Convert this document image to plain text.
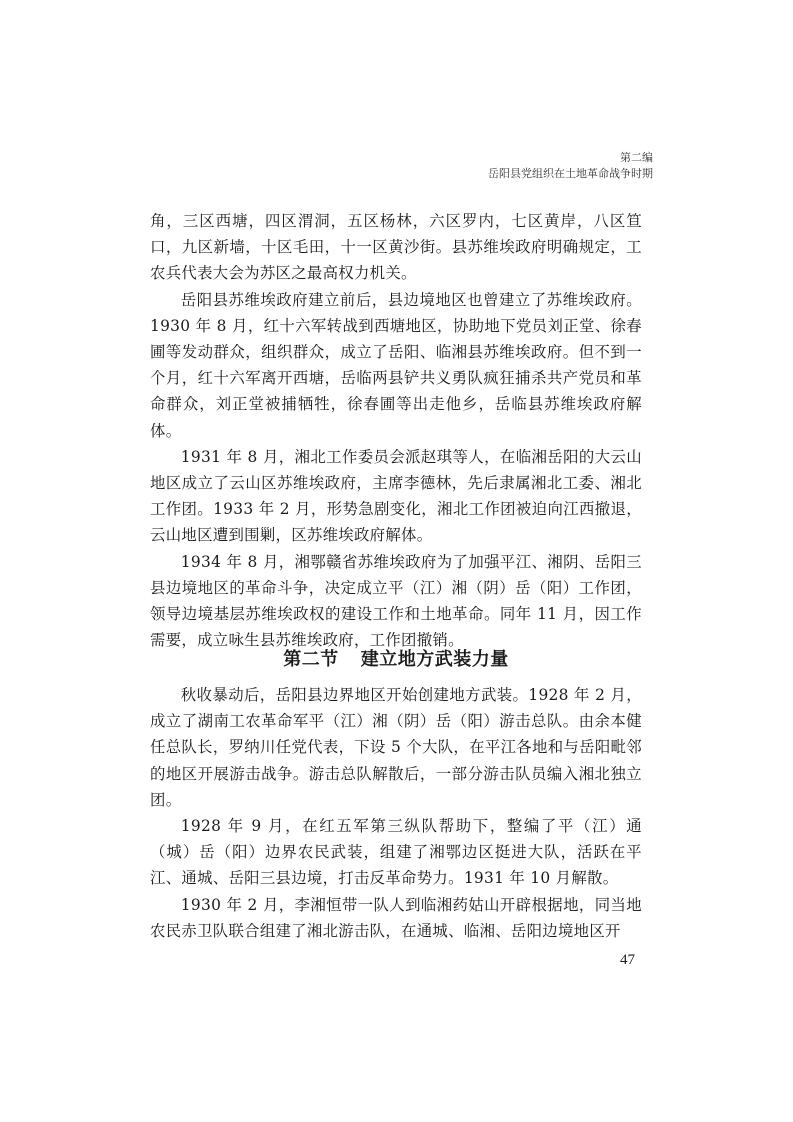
第二编
岳阳县党组织在土地革命战争时期

角，三区西塘，四区渭洞，五区杨林，六区罗内，七区黄岸，八区笪口，九区新墙，十区毛田，十一区黄沙街。县苏维埃政府明确规定，工农兵代表大会为苏区之最高权力机关。

岳阳县苏维埃政府建立前后，县边境地区也曾建立了苏维埃政府。1930 年 8 月，红十六军转战到西塘地区，协助地下党员刘正堂、徐春圃等发动群众，组织群众，成立了岳阳、临湘县苏维埃政府。但不到一个月，红十六军离开西塘，岳临两县铲共义勇队疯狂捕杀共产党员和革命群众，刘正堂被捕牺牲，徐春圃等出走他乡，岳临县苏维埃政府解体。

1931 年 8 月，湘北工作委员会派赵琪等人，在临湘岳阳的大云山地区成立了云山区苏维埃政府，主席李德林，先后隶属湘北工委、湘北工作团。1933 年 2 月，形势急剧变化，湘北工作团被迫向江西撤退，云山地区遭到围剿，区苏维埃政府解体。

1934 年 8 月，湘鄂赣省苏维埃政府为了加强平江、湘阴、岳阳三县边境地区的革命斗争，决定成立平（江）湘（阴）岳（阳）工作团，领导边境基层苏维埃政权的建设工作和土地革命。同年 11 月，因工作需要，成立咏生县苏维埃政府，工作团撤销。

第二节 建立地方武装力量

秋收暴动后，岳阳县边界地区开始创建地方武装。1928 年 2 月，成立了湖南工农革命军平（江）湘（阴）岳（阳）游击总队。由余本健任总队长，罗纳川任党代表，下设 5 个大队，在平江各地和与岳阳毗邻的地区开展游击战争。游击总队解散后，一部分游击队员编入湘北独立团。

1928 年 9 月，在红五军第三纵队帮助下，整编了平（江）通（城）岳（阳）边界农民武装，组建了湘鄂边区挺进大队，活跃在平江、通城、岳阳三县边境，打击反革命势力。1931 年 10 月解散。

1930 年 2 月，李湘恒带一队人到临湘药姑山开辟根据地，同当地农民赤卫队联合组建了湘北游击队，在通城、临湘、岳阳边境地区开

47
